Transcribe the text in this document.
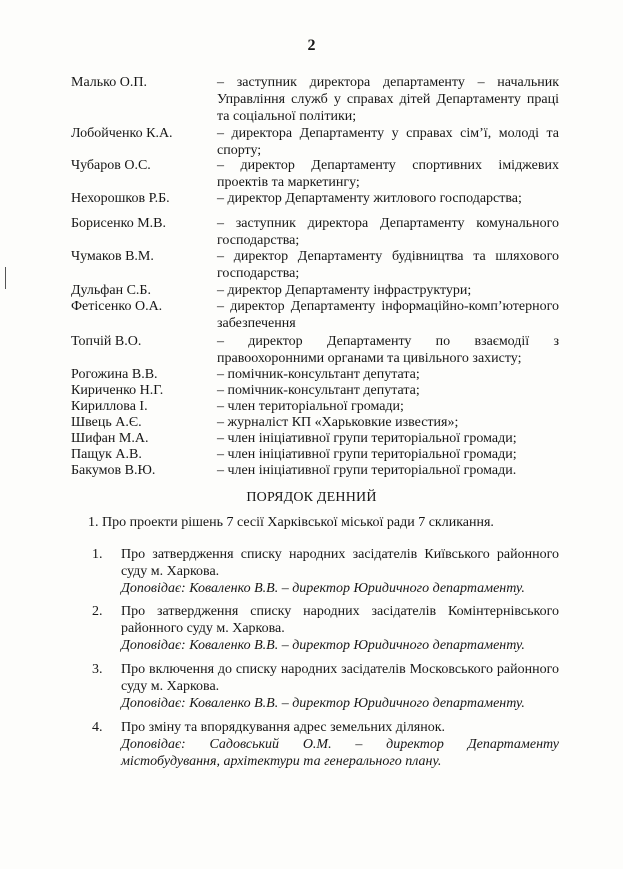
2
Малько О.П.	– заступник директора департаменту – начальник Управління служб у справах дітей Департаменту праці та соціальної політики;
Лобойченко К.А.	– директора Департаменту у справах сім’ї, молоді та спорту;
Чубаров О.С.	– директор Департаменту спортивних іміджевих проектів та маркетингу;
Нехорошков Р.Б.	– директор Департаменту житлового господарства;
Борисенко М.В.	– заступник директора Департаменту комунального господарства;
Чумаков В.М.	– директор Департаменту будівництва та шляхового господарства;
Дульфан С.Б.	– директор Департаменту інфраструктури;
Фетісенко О.А.	– директор Департаменту інформаційно-комп’ютерного забезпечення
Топчій В.О.	– директор Департаменту по взаємодії з правоохоронними органами та цивільного захисту;
Рогожина В.В.	– помічник-консультант депутата;
Кириченко Н.Г.	– помічник-консультант депутата;
Кириллова І.	– член територіальної громади;
Швець А.Є.	– журналіст КП «Харьковкие известия»;
Шифан М.А.	– член ініціативної групи територіальної громади;
Пащук А.В.	– член ініціативної групи територіальної громади;
Бакумов В.Ю.	– член ініціативної групи територіальної громади.
ПОРЯДОК ДЕННИЙ
1. Про проекти рішень 7 сесії Харківської міської ради 7 скликання.
1. Про затвердження списку народних засідателів Київського районного суду м. Харкова.
Доповідає: Коваленко В.В. – директор Юридичного департаменту.
2. Про затвердження списку народних засідателів Комінтернівського районного суду м. Харкова.
Доповідає: Коваленко В.В. – директор Юридичного департаменту.
3. Про включення до списку народних засідателів Московського районного суду м. Харкова.
Доповідає: Коваленко В.В. – директор Юридичного департаменту.
4. Про зміну та впорядкування адрес земельних ділянок.
Доповідає: Садовський О.М. – директор Департаменту містобудування, архітектури та генерального плану.
